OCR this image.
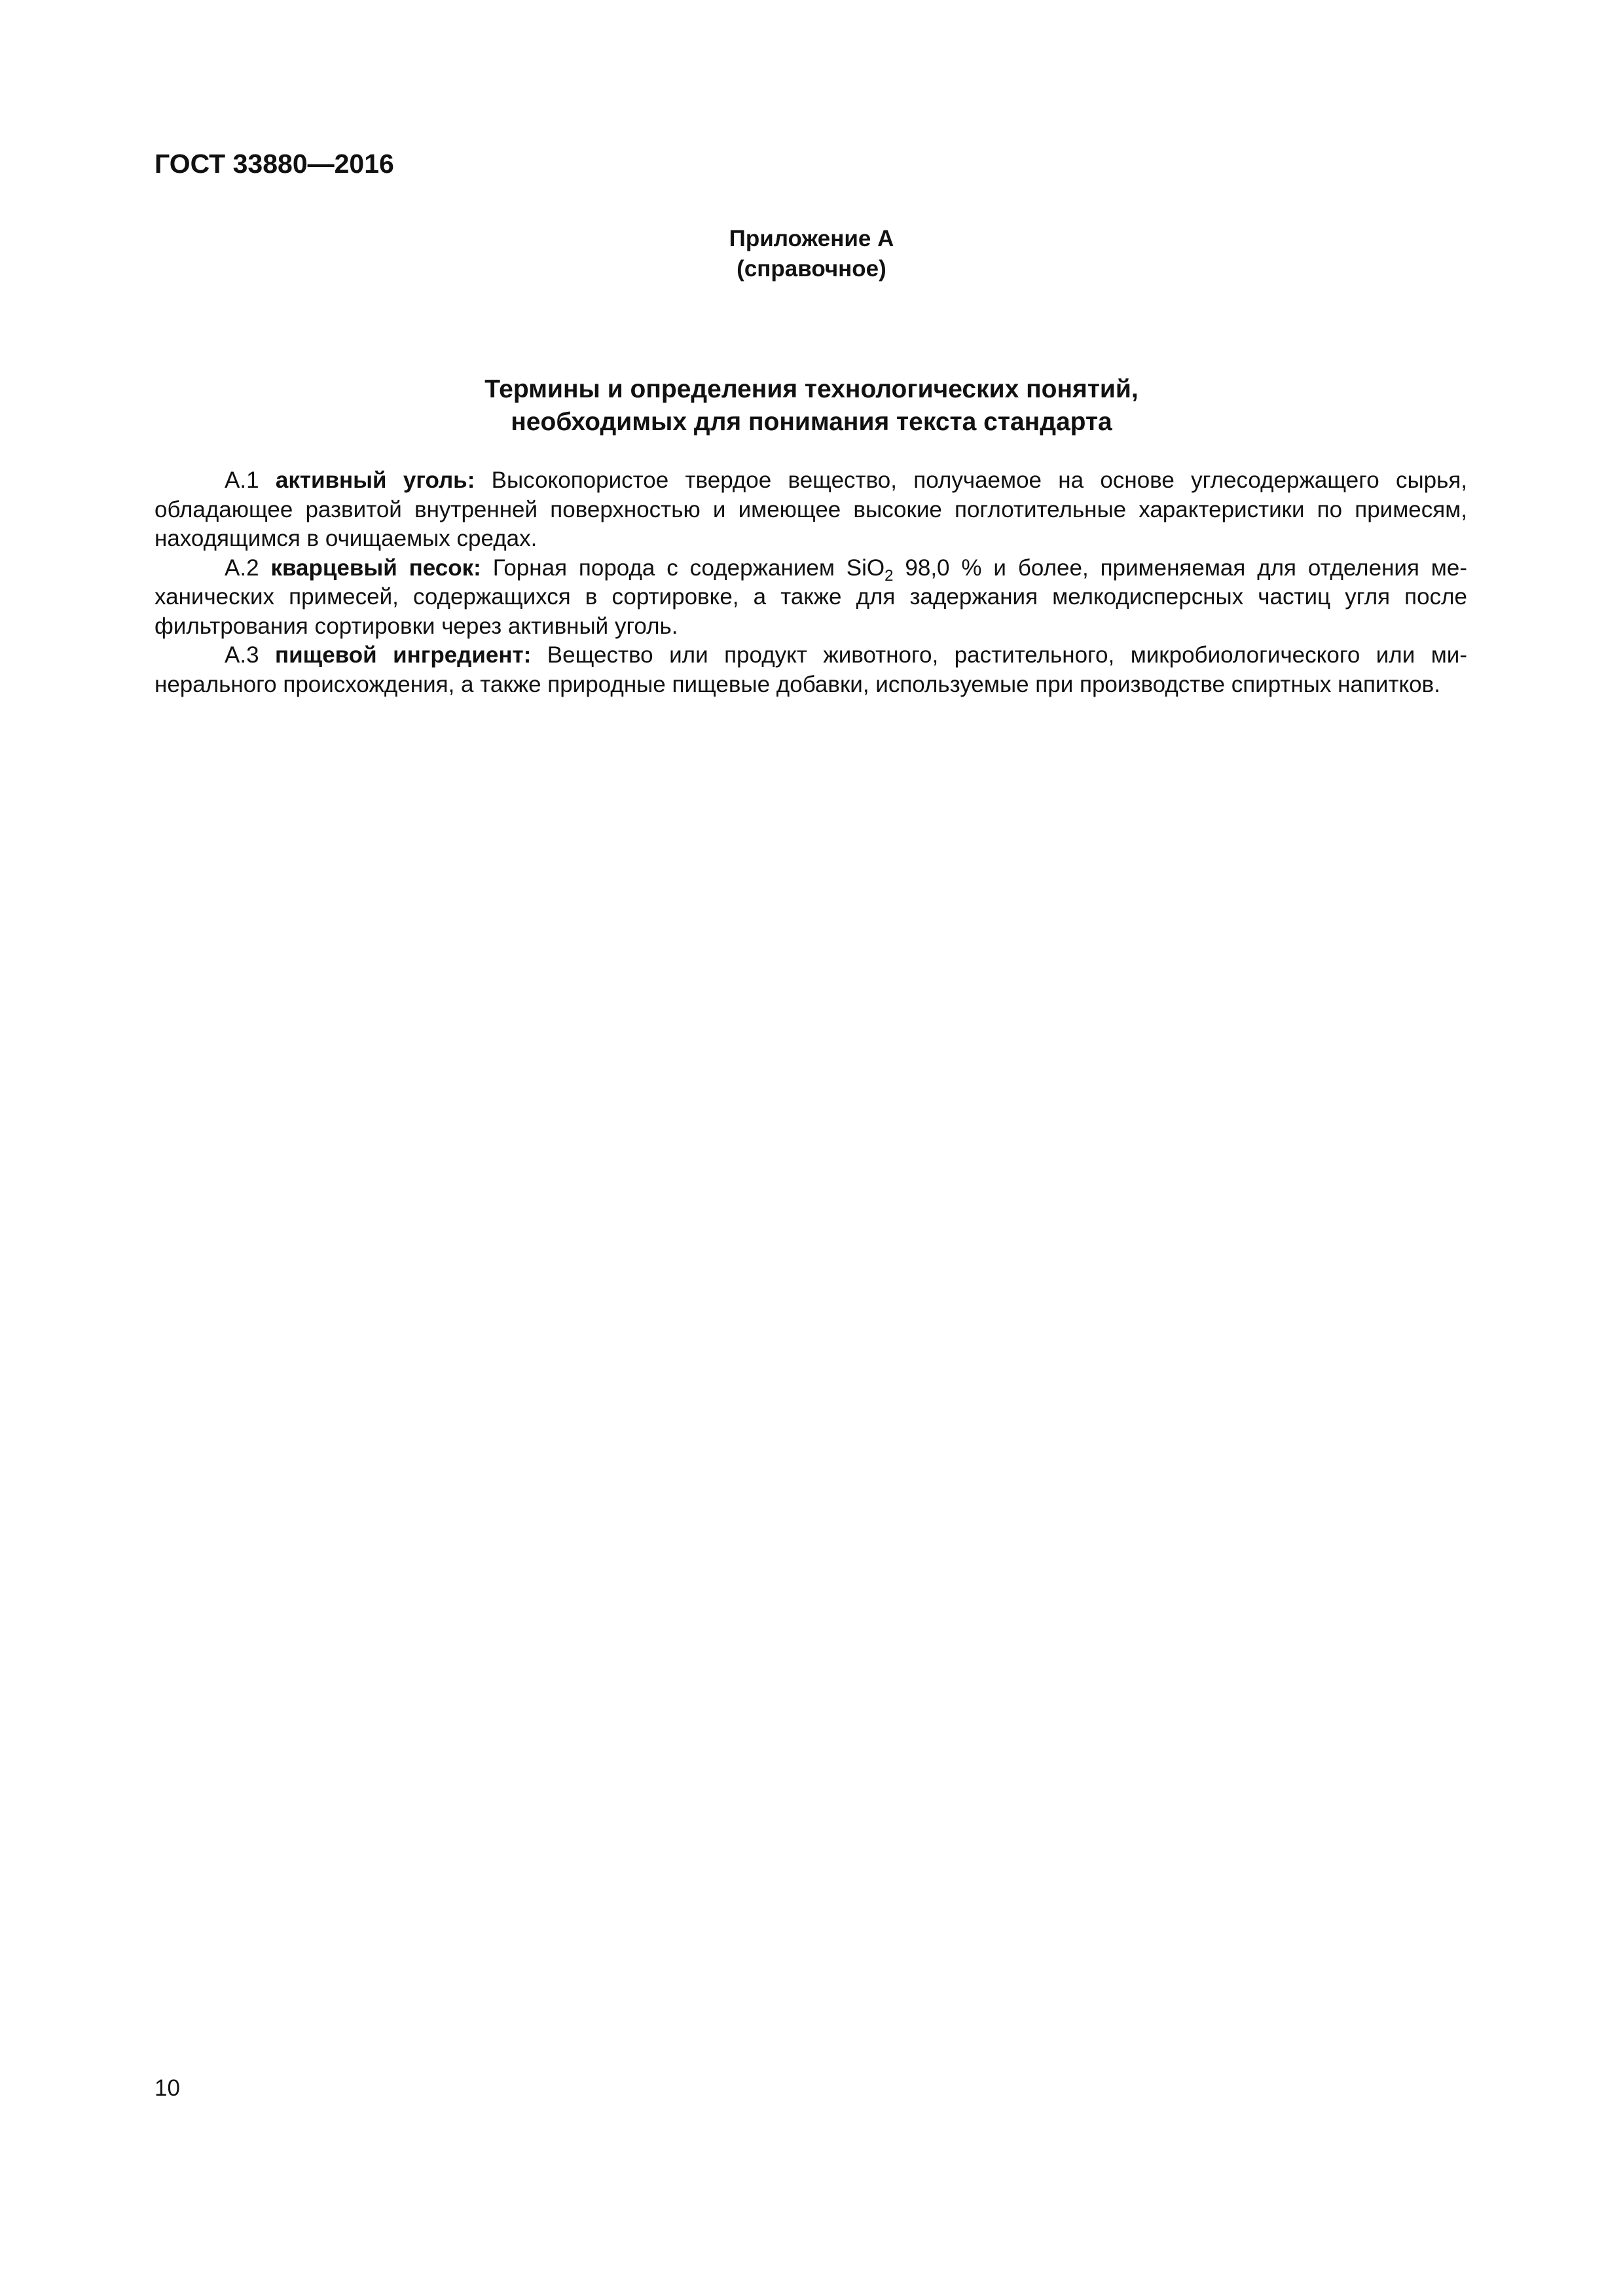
ГОСТ 33880—2016

Приложение А
(справочное)
Термины и определения технологических понятий,
необходимых для понимания текста стандарта

А.1 активный уголь: Высокопористое твердое вещество, получаемое на основе углесодержащего сырья, обладающее развитой внутренней поверхностью и имеющее высокие поглотительные характеристики по примесям, находящимся в очищаемых средах.

А.2 кварцевый песок: Горная порода с содержанием SiO$_2$ 98,0 % и более, применяемая для отделения механических примесей, содержащихся в сортировке, а также для задержания мелкодисперсных частиц угля после фильтрования сортировки через активный уголь.

А.3 пищевой ингредиент: Вещество или продукт животного, растительного, микробиологического или минерального происхождения, а также природные пищевые добавки, используемые при производстве спиртных напитков.

10
